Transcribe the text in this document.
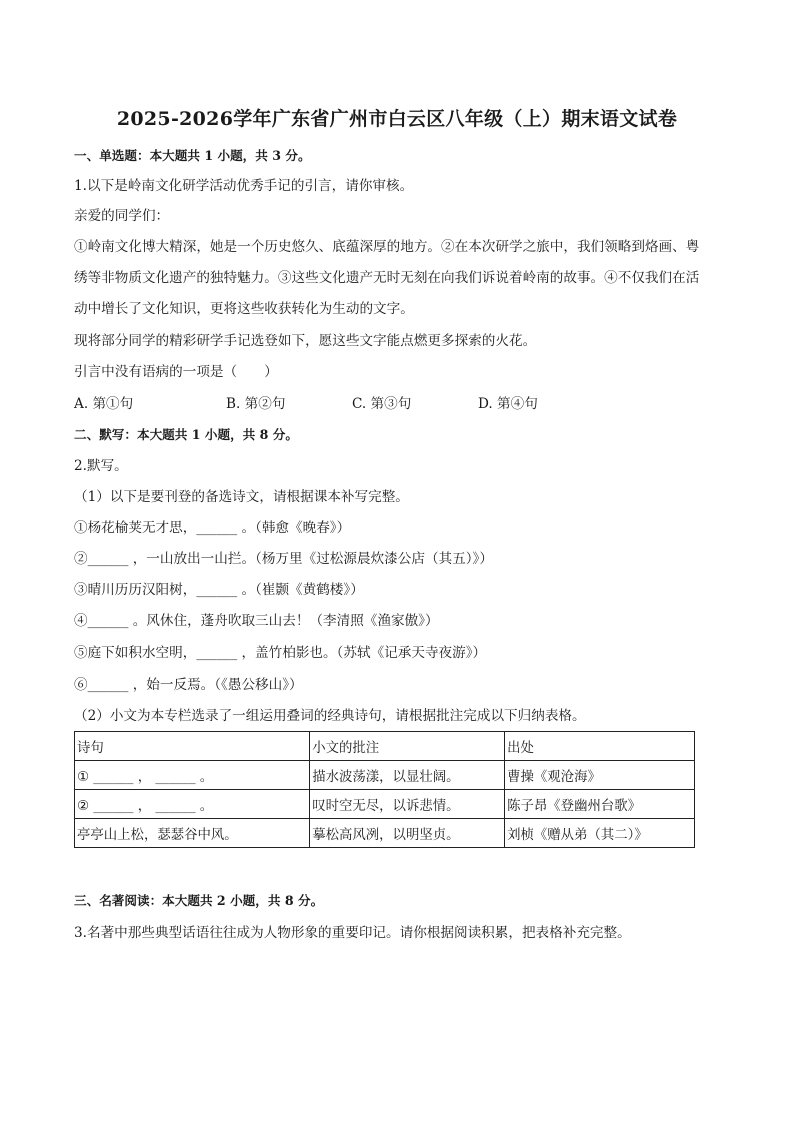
2025-2026学年广东省广州市白云区八年级（上）期末语文试卷
一、单选题：本大题共 1 小题，共 3 分。
1.以下是岭南文化研学活动优秀手记的引言，请你审核。
亲爱的同学们：
①岭南文化博大精深，她是一个历史悠久、底蕴深厚的地方。②在本次研学之旅中，我们领略到烙画、粤
绣等非物质文化遗产的独特魅力。③这些文化遗产无时无刻在向我们诉说着岭南的故事。④不仅我们在活
动中增长了文化知识，更将这些收获转化为生动的文字。
现将部分同学的精彩研学手记选登如下，愿这些文字能点燃更多探索的火花。
引言中没有语病的一项是（　　）
A. 第①句	B. 第②句	C. 第③句	D. 第④句
二、默写：本大题共 1 小题，共 8 分。
2.默写。
（1）以下是要刊登的备选诗文，请根据课本补写完整。
①杨花榆荚无才思，______ 。（韩愈《晚春》）
②______ ，一山放出一山拦。（杨万里《过松源晨炊漆公店（其五）》）
③晴川历历汉阳树，______ 。（崔颢《黄鹤楼》）
④______ 。风休住，蓬舟吹取三山去！（李清照《渔家傲》）
⑤庭下如积水空明，______ ，盖竹柏影也。（苏轼《记承天寺夜游》）
⑥______ ，始一反焉。（《愚公移山》）
（2）小文为本专栏选录了一组运用叠词的经典诗句，请根据批注完成以下归纳表格。
诗句	小文的批注	出处
① ______ ， ______ 。	描水波荡漾，以显壮阔。	曹操《观沧海》
② ______ ， ______ 。	叹时空无尽，以诉悲情。	陈子昂《登幽州台歌》
亭亭山上松，瑟瑟谷中风。	摹松高风冽，以明坚贞。	刘桢《赠从弟（其二）》
三、名著阅读：本大题共 2 小题，共 8 分。
3.名著中那些典型话语往往成为人物形象的重要印记。请你根据阅读积累，把表格补充完整。
